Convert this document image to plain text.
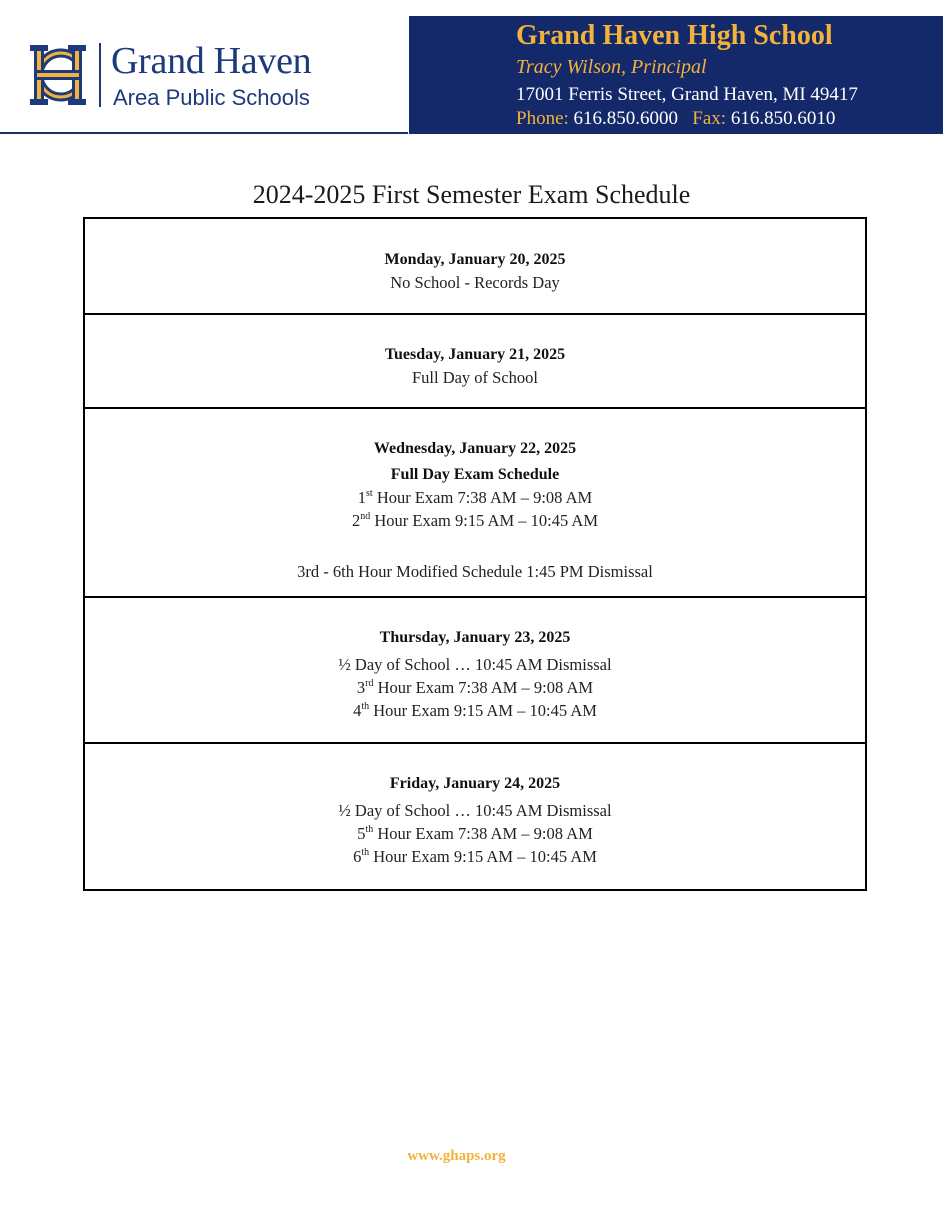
Grand Haven
Area Public Schools
Grand Haven High School
Tracy Wilson, Principal
17001 Ferris Street, Grand Haven, MI 49417
Phone: 616.850.6000 Fax: 616.850.6010
2024-2025 First Semester Exam Schedule
Monday, January 20, 2025
No School - Records Day
Tuesday, January 21, 2025
Full Day of School
Wednesday, January 22, 2025
Full Day Exam Schedule
1st Hour Exam 7:38 AM – 9:08 AM
2nd Hour Exam 9:15 AM – 10:45 AM
3rd - 6th Hour Modified Schedule 1:45 PM Dismissal
Thursday, January 23, 2025
½ Day of School … 10:45 AM Dismissal
3rd Hour Exam 7:38 AM – 9:08 AM
4th Hour Exam 9:15 AM – 10:45 AM
Friday, January 24, 2025
½ Day of School … 10:45 AM Dismissal
5th Hour Exam 7:38 AM – 9:08 AM
6th Hour Exam 9:15 AM – 10:45 AM
www.ghaps.org
